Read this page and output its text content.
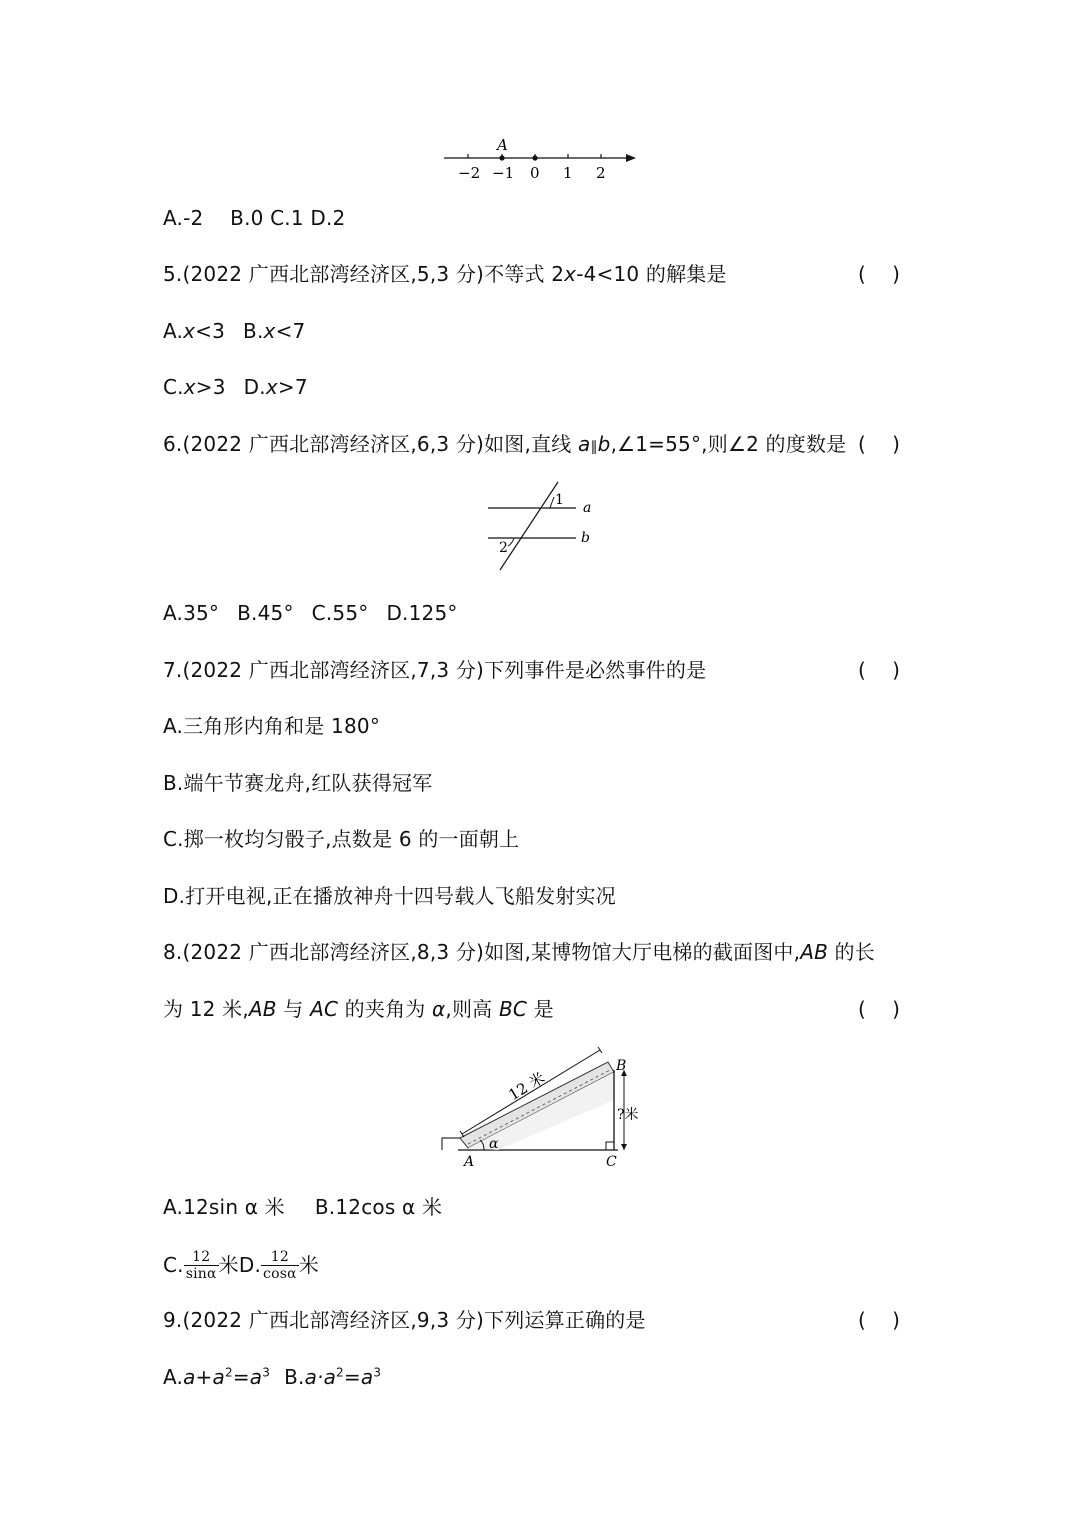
A
−2 −1 0 1 2
A.-2　 B.0 C.1 D.2
5.(2022 广西北部湾经济区,5,3 分)不等式 2x-4<10 的解集是	(　 )
A.x<3 B.x<7
C.x>3 D.x>7
6.(2022 广西北部湾经济区,6,3 分)如图,直线 a∥b,∠1=55°,则∠2 的度数是 (　 )
1
2
a
b
A.35° B.45° C.55° D.125°
7.(2022 广西北部湾经济区,7,3 分)下列事件是必然事件的是	(　 )
A.三角形内角和是 180°
B.端午节赛龙舟,红队获得冠军
C.掷一枚均匀骰子,点数是 6 的一面朝上
D.打开电视,正在播放神舟十四号载人飞船发射实况
8.(2022 广西北部湾经济区,8,3 分)如图,某博物馆大厅电梯的截面图中,AB 的长
为 12 米,AB 与 AC 的夹角为 α,则高 BC 是	(　 )
12 米
?米
A
B
C
α
A.12sin α 米 B.12cos α 米
C. $\frac{12}{\sin\alpha}$ 米D. $\frac{12}{\cos\alpha}$ 米
9.(2022 广西北部湾经济区,9,3 分)下列运算正确的是	(　 )
$A.a+a^2=a^3$ $B.a\cdot a^2=a^3$
